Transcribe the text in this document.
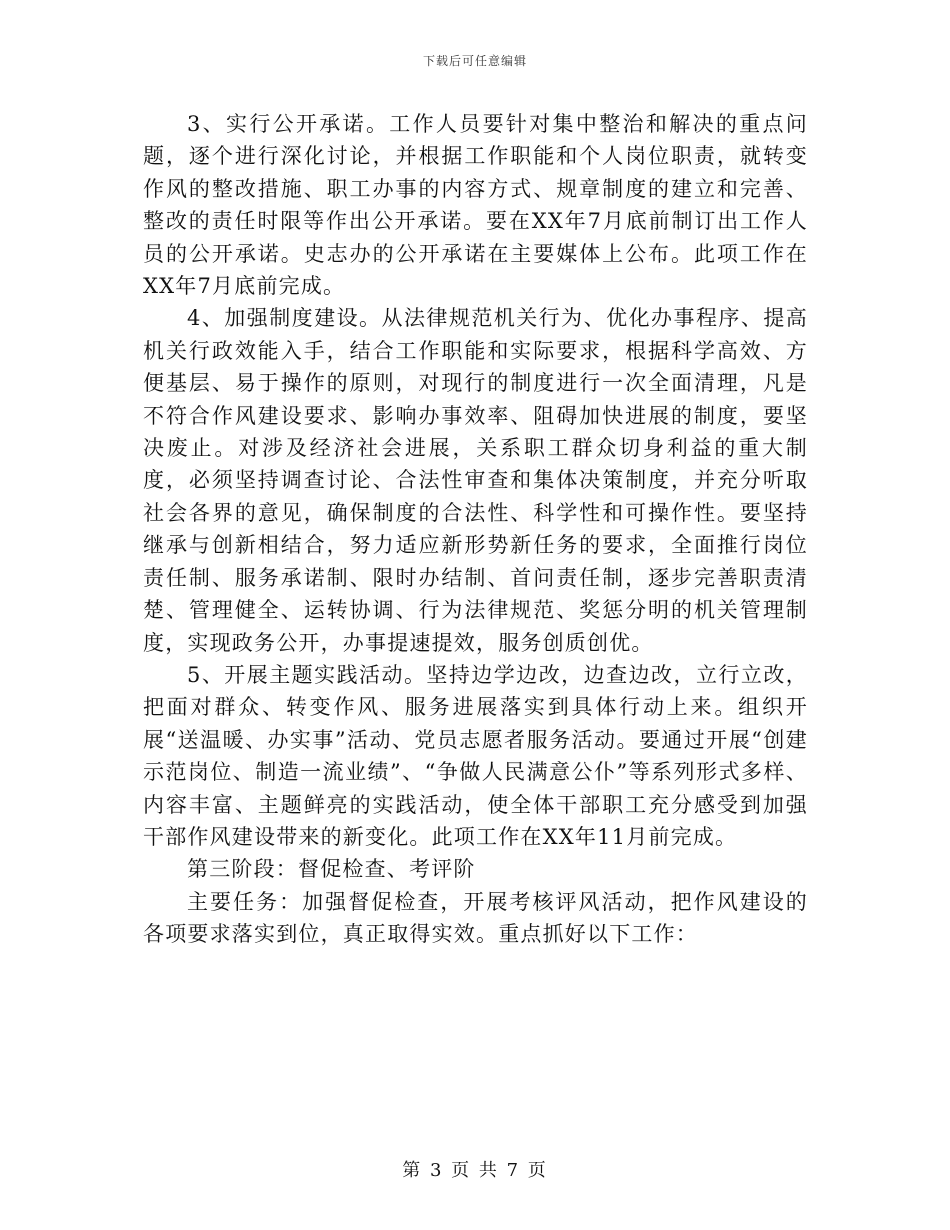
下载后可任意编辑

3、实行公开承诺。工作人员要针对集中整治和解决的重点问题，逐个进行深化讨论，并根据工作职能和个人岗位职责，就转变作风的整改措施、职工办事的内容方式、规章制度的建立和完善、整改的责任时限等作出公开承诺。要在XX年7月底前制订出工作人员的公开承诺。史志办的公开承诺在主要媒体上公布。此项工作在XX年7月底前完成。

4、加强制度建设。从法律规范机关行为、优化办事程序、提高机关行政效能入手，结合工作职能和实际要求，根据科学高效、方便基层、易于操作的原则，对现行的制度进行一次全面清理，凡是不符合作风建设要求、影响办事效率、阻碍加快进展的制度，要坚决废止。对涉及经济社会进展，关系职工群众切身利益的重大制度，必须坚持调查讨论、合法性审查和集体决策制度，并充分听取社会各界的意见，确保制度的合法性、科学性和可操作性。要坚持继承与创新相结合，努力适应新形势新任务的要求，全面推行岗位责任制、服务承诺制、限时办结制、首问责任制，逐步完善职责清楚、管理健全、运转协调、行为法律规范、奖惩分明的机关管理制度，实现政务公开，办事提速提效，服务创质创优。

5、开展主题实践活动。坚持边学边改，边查边改，立行立改，把面对群众、转变作风、服务进展落实到具体行动上来。组织开展“送温暖、办实事”活动、党员志愿者服务活动。要通过开展“创建示范岗位、制造一流业绩”、“争做人民满意公仆”等系列形式多样、内容丰富、主题鲜亮的实践活动，使全体干部职工充分感受到加强干部作风建设带来的新变化。此项工作在XX年11月前完成。

第三阶段：督促检查、考评阶

主要任务：加强督促检查，开展考核评风活动，把作风建设的各项要求落实到位，真正取得实效。重点抓好以下工作：

第 3 页 共 7 页
